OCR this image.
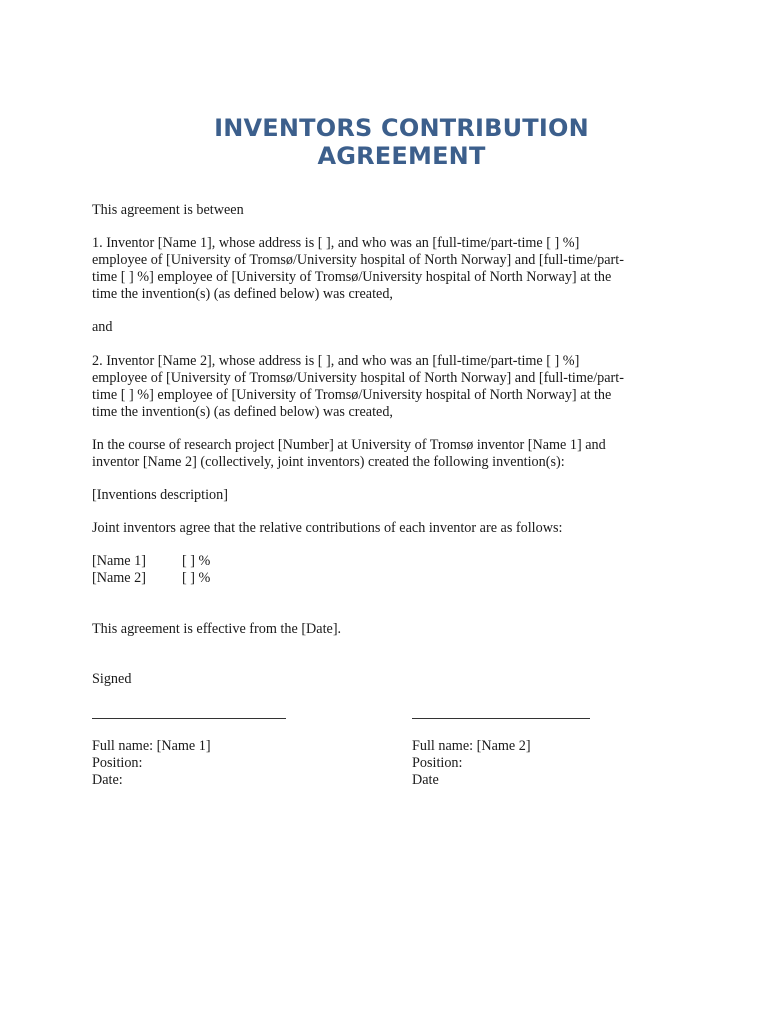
INVENTORS CONTRIBUTION
AGREEMENT

This agreement is between

1. Inventor [Name 1], whose address is [ ], and who was an [full-time/part-time [ ] %]
employee of [University of Tromsø/University hospital of North Norway] and [full-time/part-
time [ ] %] employee of [University of Tromsø/University hospital of North Norway] at the
time the invention(s) (as defined below) was created,

and

2. Inventor [Name 2], whose address is [ ], and who was an [full-time/part-time [ ] %]
employee of [University of Tromsø/University hospital of North Norway] and [full-time/part-
time [ ] %] employee of [University of Tromsø/University hospital of North Norway] at the
time the invention(s) (as defined below) was created,

In the course of research project [Number] at University of Tromsø inventor [Name 1] and
inventor [Name 2] (collectively, joint inventors) created the following invention(s):

[Inventions description]

Joint inventors agree that the relative contributions of each inventor are as follows:

[Name 1]	[ ] %
[Name 2]	[ ] %

This agreement is effective from the [Date].

Signed

Full name: [Name 1]
Position:
Date:
Full name: [Name 2]
Position:
Date
